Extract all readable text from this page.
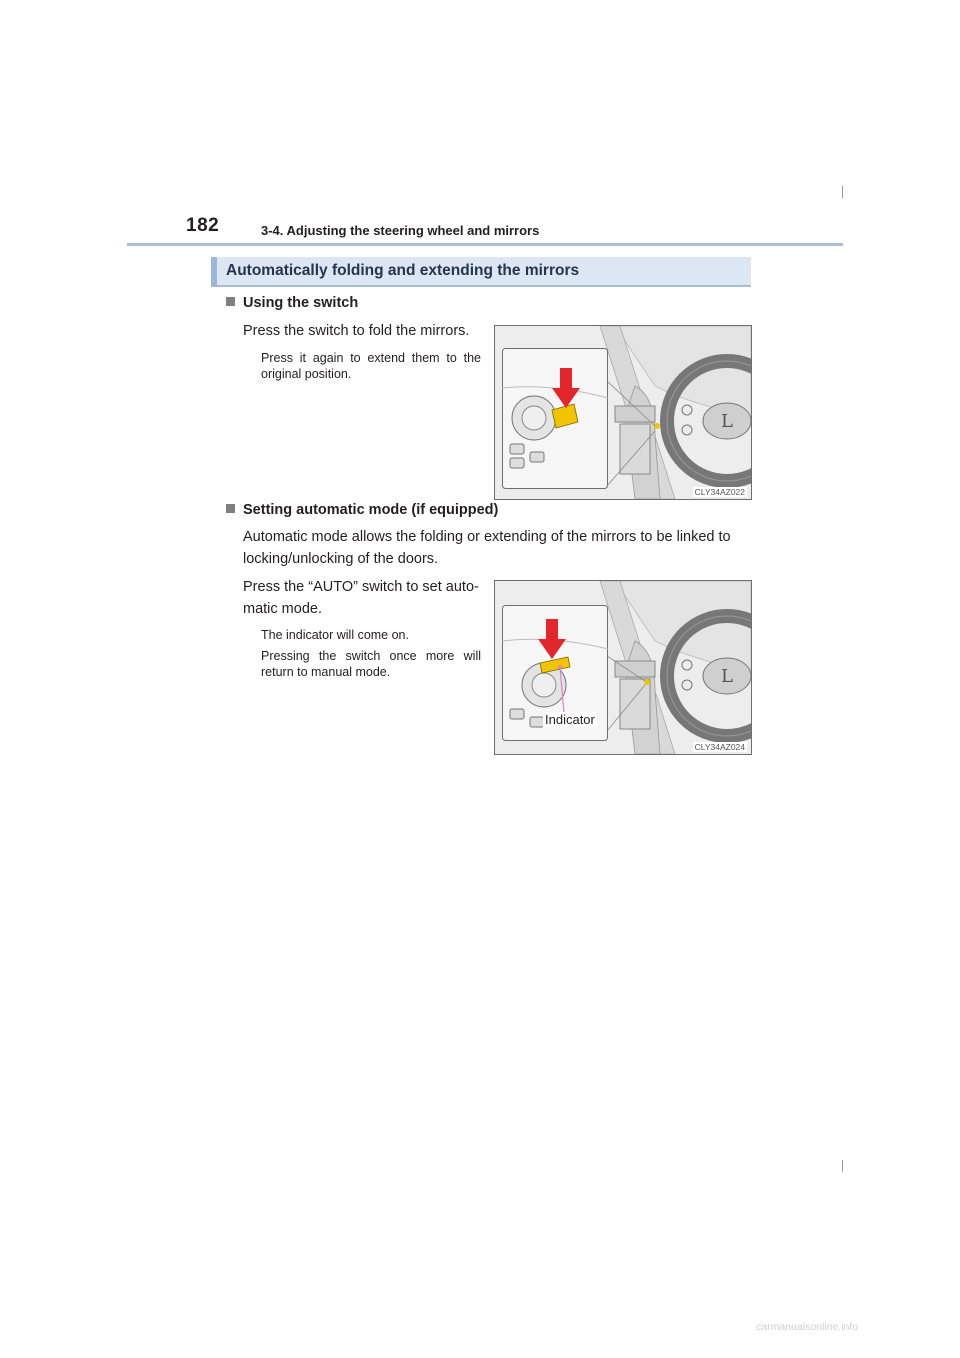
182	3-4. Adjusting the steering wheel and mirrors
Automatically folding and extending the mirrors
Using the switch
Press the switch to fold the mirrors.
Press it again to extend them to the original position.
L
CLY34AZ022
Setting automatic mode (if equipped)
Automatic mode allows the folding or extending of the mirrors to be linked to
locking/unlocking of the doors.
Press the “AUTO” switch to set auto-
matic mode.
The indicator will come on.
Pressing the switch once more will return to manual mode.	L
Indicator
CLY34AZ024
carmanualsonline.info
